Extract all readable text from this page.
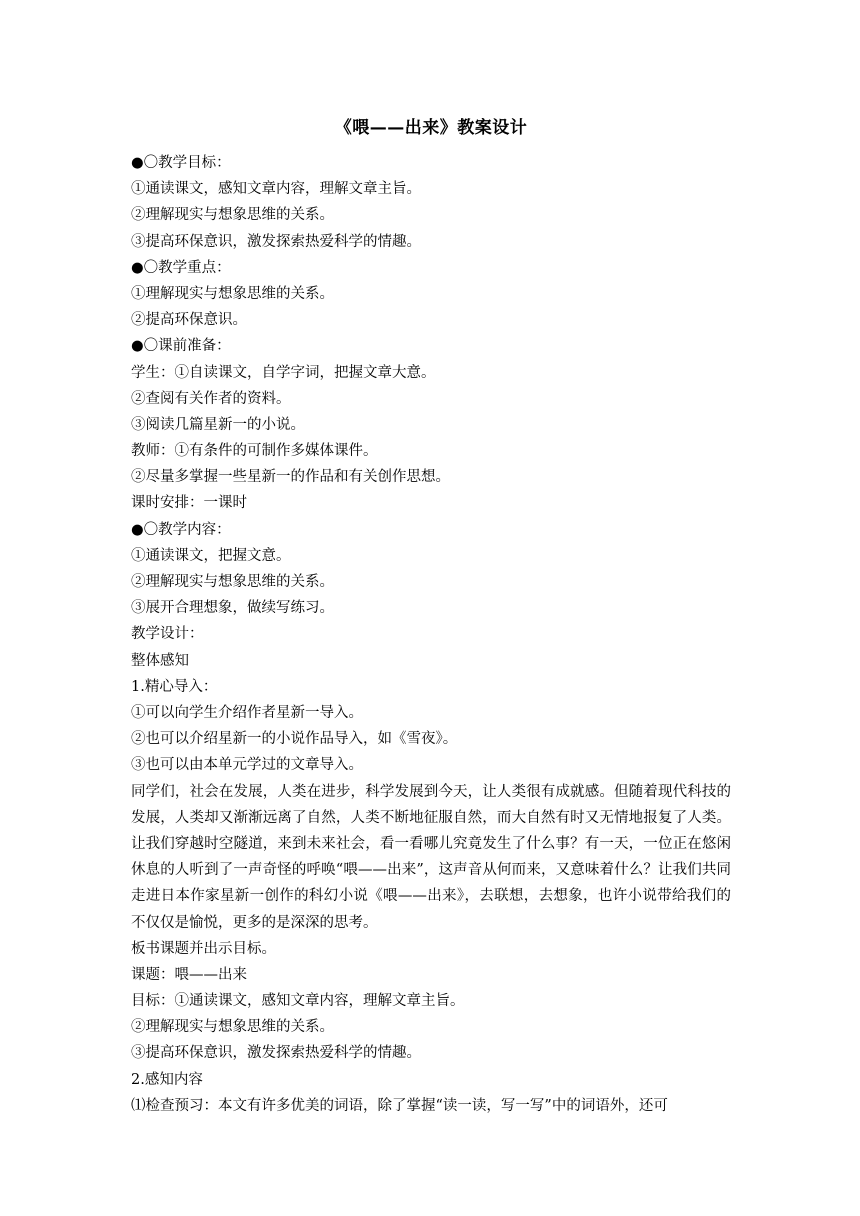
《喂——出来》教案设计
●〇教学目标：
①通读课文，感知文章内容，理解文章主旨。
②理解现实与想象思维的关系。
③提高环保意识，激发探索热爱科学的情趣。
●〇教学重点：
①理解现实与想象思维的关系。
②提高环保意识。
●〇课前准备：
学生：①自读课文，自学字词，把握文章大意。
②查阅有关作者的资料。
③阅读几篇星新一的小说。
教师：①有条件的可制作多媒体课件。
②尽量多掌握一些星新一的作品和有关创作思想。
课时安排：一课时
●〇教学内容：
①通读课文，把握文意。
②理解现实与想象思维的关系。
③展开合理想象，做续写练习。
教学设计：
整体感知
1.精心导入：
①可以向学生介绍作者星新一导入。
②也可以介绍星新一的小说作品导入，如《雪夜》。
③也可以由本单元学过的文章导入。

同学们，社会在发展，人类在进步，科学发展到今天，让人类很有成就感。但随着现代科技的发展，人类却又渐渐远离了自然，人类不断地征服自然，而大自然有时又无情地报复了人类。让我们穿越时空隧道，来到未来社会，看一看哪儿究竟发生了什么事？有一天，一位正在悠闲休息的人听到了一声奇怪的呼唤“喂——出来”，这声音从何而来，又意味着什么？让我们共同走进日本作家星新一创作的科幻小说《喂——出来》，去联想，去想象，也许小说带给我们的不仅仅是愉悦，更多的是深深的思考。

板书课题并出示目标。
课题：喂——出来
目标：①通读课文，感知文章内容，理解文章主旨。
②理解现实与想象思维的关系。
③提高环保意识，激发探索热爱科学的情趣。
2.感知内容
⑴检查预习：本文有许多优美的词语，除了掌握“读一读，写一写”中的词语外，还可
